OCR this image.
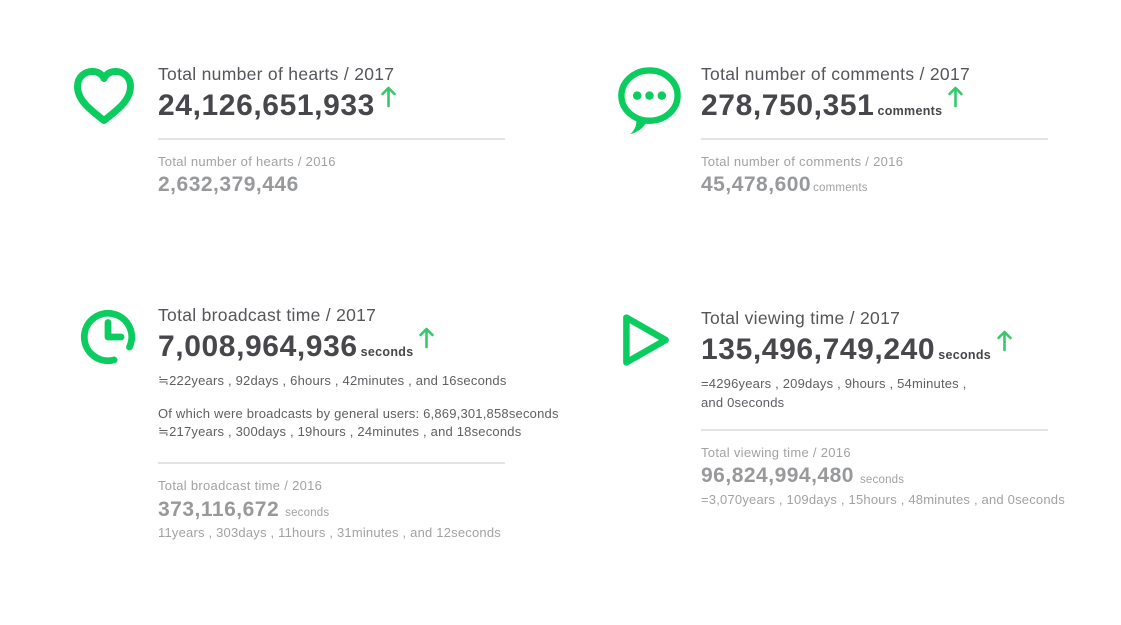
Total number of hearts / 2017
24,126,651,933
Total number of hearts / 2016
2,632,379,446
Total number of comments / 2017
278,750,351 comments
Total number of comments / 2016
45,478,600 comments
Total broadcast time / 2017
7,008,964,936 seconds
≒222years , 92days , 6hours , 42minutes , and 16seconds
Of which were broadcasts by general users: 6,869,301,858seconds
≒217years , 300days , 19hours , 24minutes , and 18seconds
Total broadcast time / 2016
373,116,672 seconds
11years , 303days , 11hours , 31minutes , and 12seconds
Total viewing time / 2017
135,496,749,240 seconds
=4296years , 209days , 9hours , 54minutes ,
and 0seconds
Total viewing time / 2016
96,824,994,480 seconds
=3,070years , 109days , 15hours , 48minutes , and 0seconds
